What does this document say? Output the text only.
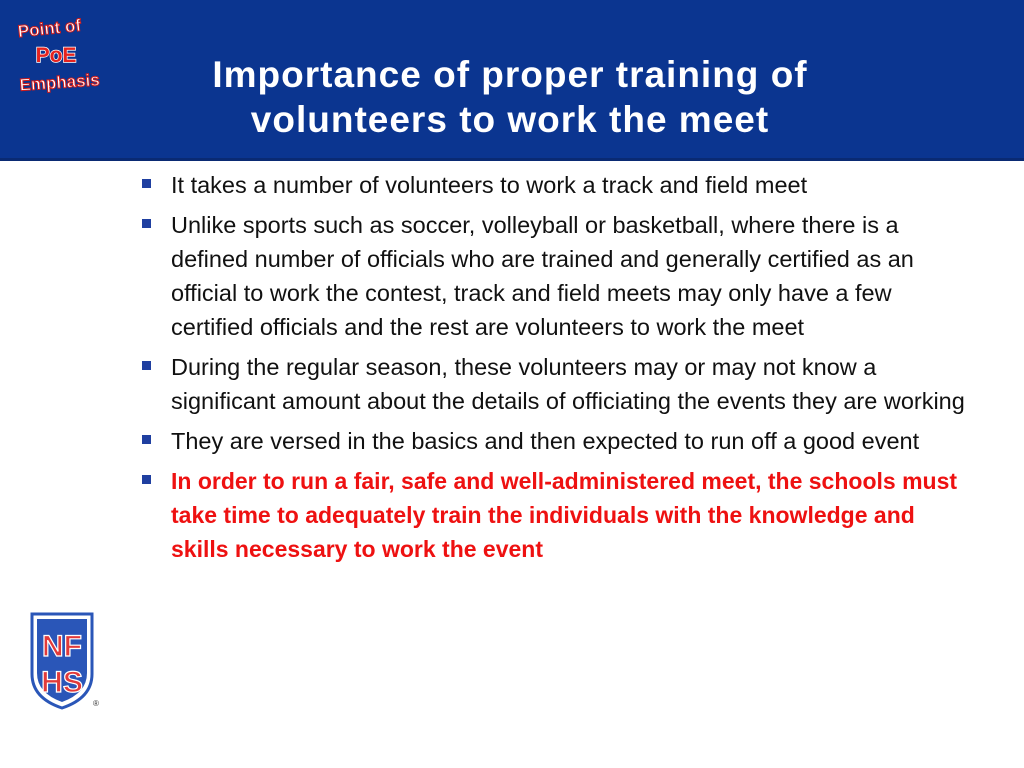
Point of
PoE
Emphasis	Importance of proper training of
volunteers to work the meet
It takes a number of volunteers to work a track and field meet
Unlike sports such as soccer, volleyball or basketball, where there is a defined number of officials who are trained and generally certified as an official to work the contest, track and field meets may only have a few certified officials and the rest are volunteers to work the meet
During the regular season, these volunteers may or may not know a significant amount about the details of officiating the events they are working
They are versed in the basics and then expected to run off a good event
In order to run a fair, safe and well-administered meet, the schools must take time to adequately train the individuals with the knowledge and skills necessary to work the event
NF
HS
®
